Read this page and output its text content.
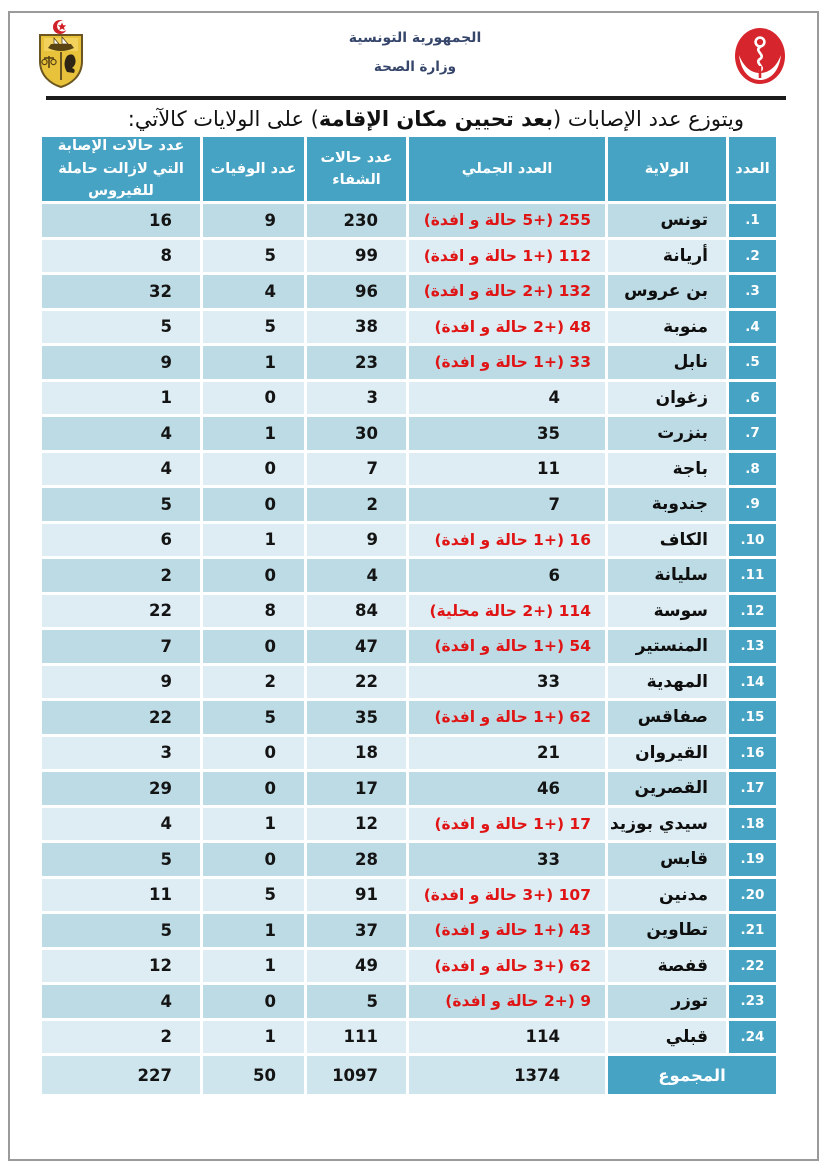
الجمهورية التونسية
وزارة الصحة
ويتوزع عدد الإصابات (بعد تحيين مكان الإقامة) على الولايات كالآتي:
العدد
الولاية
العدد الجملي
عدد حالات الشفاء
عدد الوفيات
عدد حالات الإصابة التي لازالت حاملة للفيروس
.1
تونس
255 (+5 حالة و افدة)
230
9
16
.2
أريانة
112 (+1 حالة و افدة)
99
5
8
.3
بن عروس
132 (+2 حالة و افدة)
96
4
32
.4
منوبة
48 (+2 حالة و افدة)
38
5
5
.5
نابل
33 (+1 حالة و افدة)
23
1
9
.6
زغوان
4
3
0
1
.7
بنزرت
35
30
1
4
.8
باجة
11
7
0
4
.9
جندوبة
7
2
0
5
.10
الكاف
16 (+1 حالة و افدة)
9
1
6
.11
سليانة
6
4
0
2
.12
سوسة
114 (+2 حالة محلية)
84
8
22
.13
المنستير
54 (+1 حالة و افدة)
47
0
7
.14
المهدية
33
22
2
9
.15
صفاقس
62 (+1 حالة و افدة)
35
5
22
.16
القيروان
21
18
0
3
.17
القصرين
46
17
0
29
.18
سيدي بوزيد
17 (+1 حالة و افدة)
12
1
4
.19
قابس
33
28
0
5
.20
مدنين
107 (+3 حالة و افدة)
91
5
11
.21
تطاوين
43 (+1 حالة و افدة)
37
1
5
.22
قفصة
62 (+3 حالة و افدة)
49
1
12
.23
توزر
9 (+2 حالة و افدة)
5
0
4
.24
قبلي
114
111
1
2
المجموع
1374
1097
50
227
